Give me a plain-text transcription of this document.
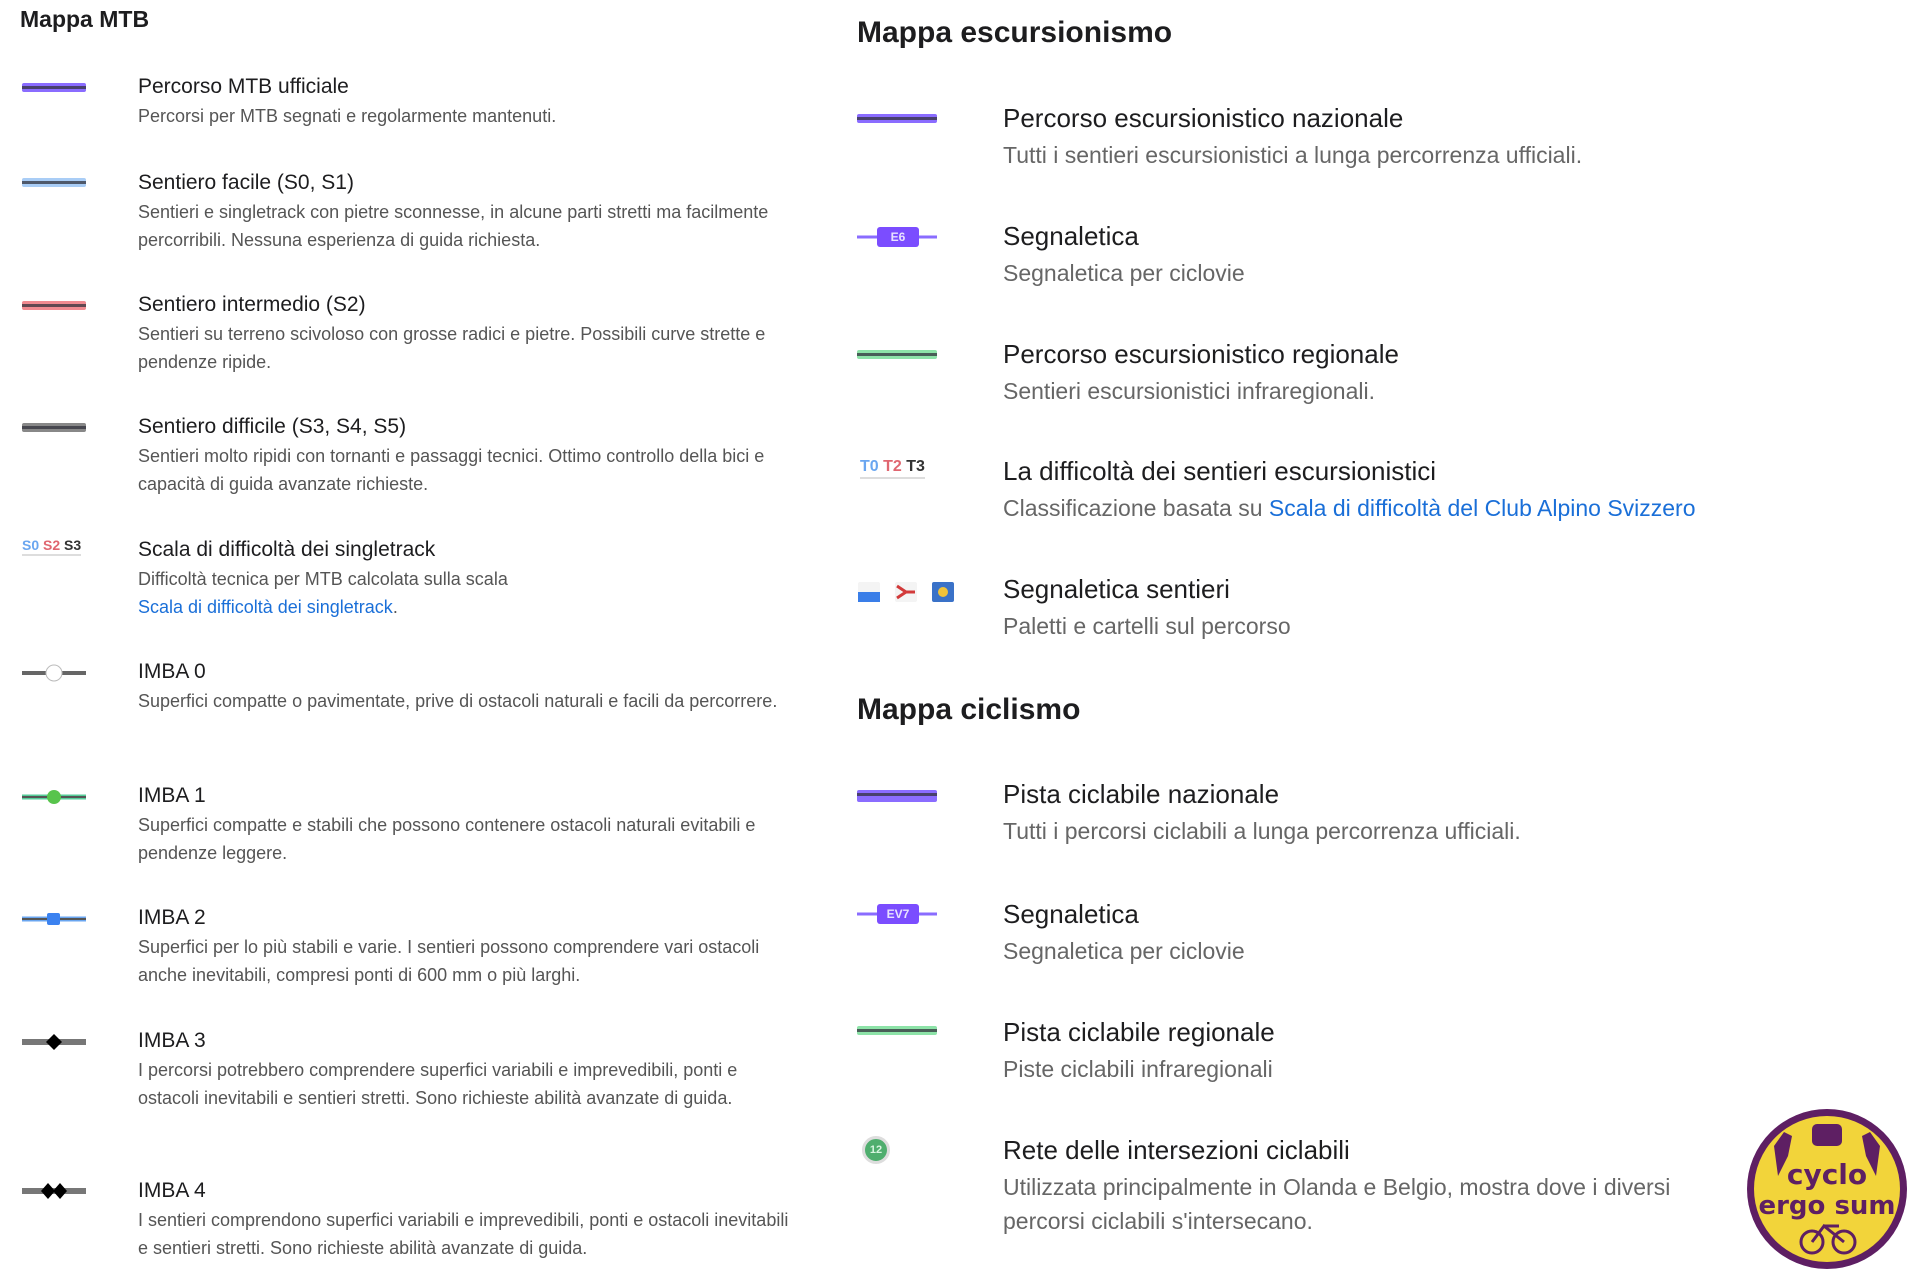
Mappa MTB
S0 S2 S3
Percorso MTB ufficiale
Percorsi per MTB segnati e regolarmente mantenuti.
Sentiero facile (S0, S1)
Sentieri e singletrack con pietre sconnesse, in alcune parti stretti ma facilmente percorribili. Nessuna esperienza di guida richiesta.
Sentiero intermedio (S2)
Sentieri su terreno scivoloso con grosse radici e pietre. Possibili curve strette e pendenze ripide.
Sentiero difficile (S3, S4, S5)
Sentieri molto ripidi con tornanti e passaggi tecnici. Ottimo controllo della bici e capacità di guida avanzate richieste.
Scala di difficoltà dei singletrack
Difficoltà tecnica per MTB calcolata sulla scala
Scala di difficoltà dei singletrack.
IMBA 0
Superfici compatte o pavimentate, prive di ostacoli naturali e facili da percorrere.
IMBA 1
Superfici compatte e stabili che possono contenere ostacoli naturali evitabili e pendenze leggere.
IMBA 2
Superfici per lo più stabili e varie. I sentieri possono comprendere vari ostacoli anche inevitabili, compresi ponti di 600 mm o più larghi.
IMBA 3
I percorsi potrebbero comprendere superfici variabili e imprevedibili, ponti e ostacoli inevitabili e sentieri stretti. Sono richieste abilità avanzate di guida.
IMBA 4
I sentieri comprendono superfici variabili e imprevedibili, ponti e ostacoli inevitabili e sentieri stretti. Sono richieste abilità avanzate di guida.
Mappa escursionismo
E6
T0 T2 T3
Percorso escursionistico nazionale
Tutti i sentieri escursionistici a lunga percorrenza ufficiali.
Segnaletica
Segnaletica per ciclovie
Percorso escursionistico regionale
Sentieri escursionistici infraregionali.
La difficoltà dei sentieri escursionistici
Classificazione basata su Scala di difficoltà del Club Alpino Svizzero
Segnaletica sentieri
Paletti e cartelli sul percorso
Mappa ciclismo
EV7
12
Pista ciclabile nazionale
Tutti i percorsi ciclabili a lunga percorrenza ufficiali.
Segnaletica
Segnaletica per ciclovie
Pista ciclabile regionale
Piste ciclabili infraregionali
Rete delle intersezioni ciclabili
Utilizzata principalmente in Olanda e Belgio, mostra dove i diversi percorsi ciclabili s'intersecano.
cyclo
ergo sum
